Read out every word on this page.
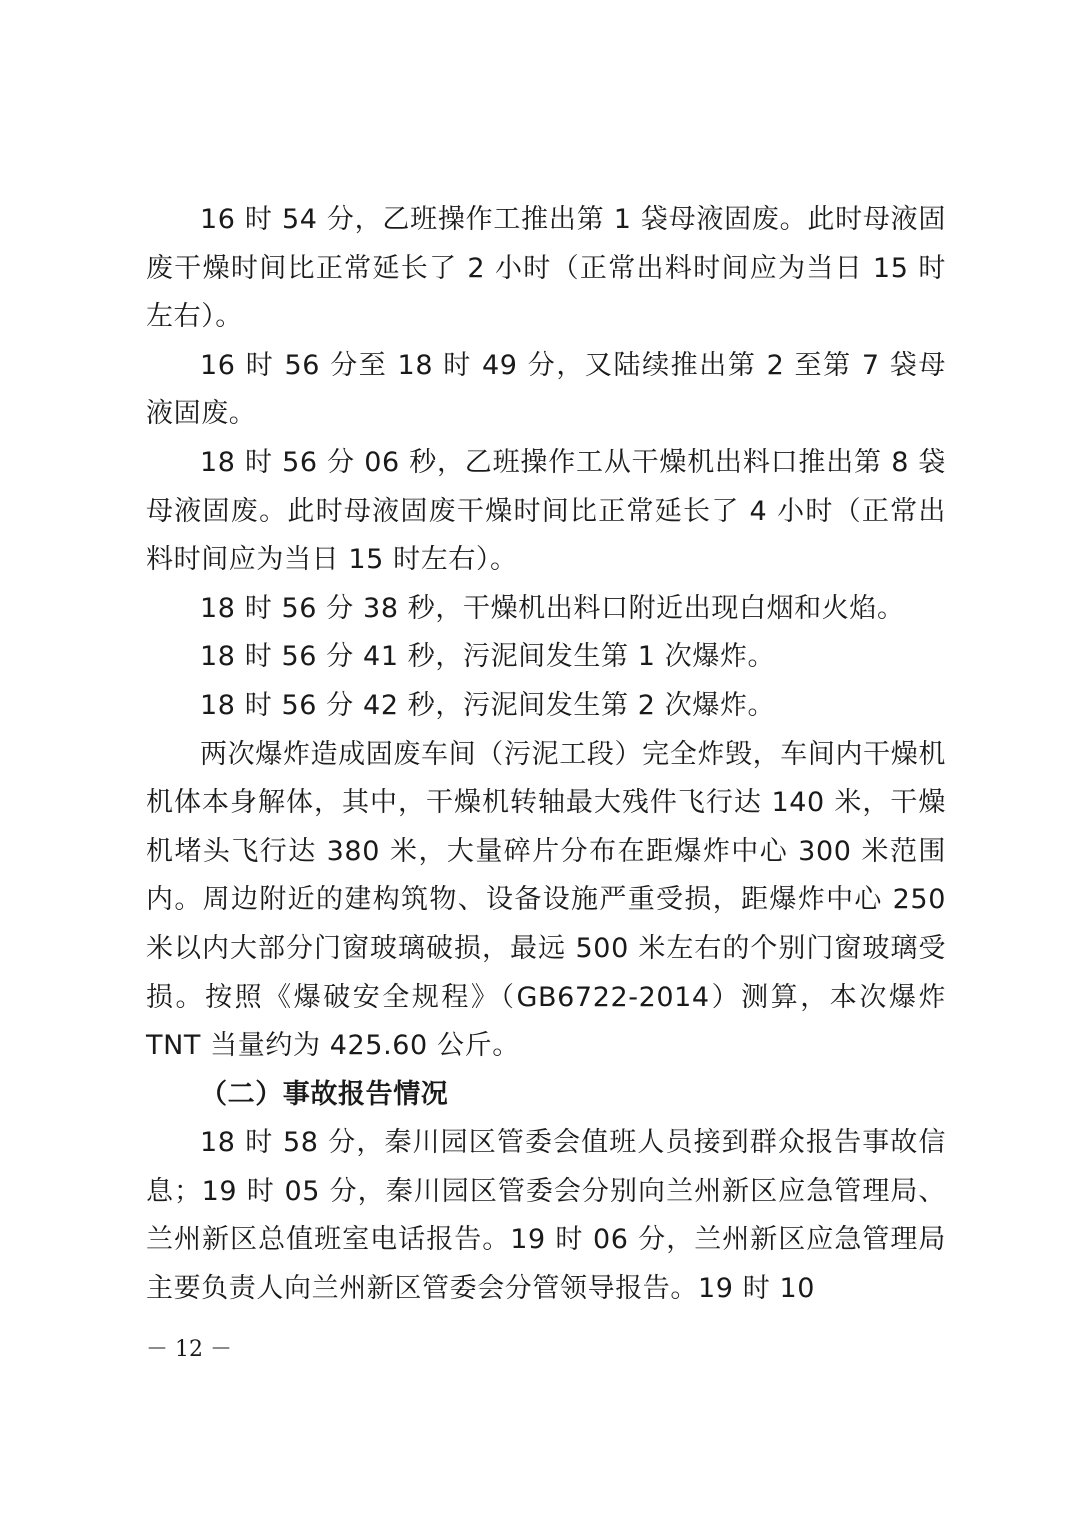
16 时 54 分，乙班操作工推出第 1 袋母液固废。此时母液固废干燥时间比正常延长了 2 小时（正常出料时间应为当日 15 时左右）。

16 时 56 分至 18 时 49 分，又陆续推出第 2 至第 7 袋母液固废。

18 时 56 分 06 秒，乙班操作工从干燥机出料口推出第 8 袋母液固废。此时母液固废干燥时间比正常延长了 4 小时（正常出料时间应为当日 15 时左右）。

18 时 56 分 38 秒，干燥机出料口附近出现白烟和火焰。

18 时 56 分 41 秒，污泥间发生第 1 次爆炸。

18 时 56 分 42 秒，污泥间发生第 2 次爆炸。

两次爆炸造成固废车间（污泥工段）完全炸毁，车间内干燥机机体本身解体，其中，干燥机转轴最大残件飞行达 140 米，干燥机堵头飞行达 380 米，大量碎片分布在距爆炸中心 300 米范围内。周边附近的建构筑物、设备设施严重受损，距爆炸中心 250 米以内大部分门窗玻璃破损，最远 500 米左右的个别门窗玻璃受损。按照《爆破安全规程》（GB6722-2014）测算，本次爆炸 TNT 当量约为 425.60 公斤。

（二）事故报告情况

18 时 58 分，秦川园区管委会值班人员接到群众报告事故信息；19 时 05 分，秦川园区管委会分别向兰州新区应急管理局、兰州新区总值班室电话报告。19 时 06 分，兰州新区应急管理局主要负责人向兰州新区管委会分管领导报告。19 时 10

－ 12 －
